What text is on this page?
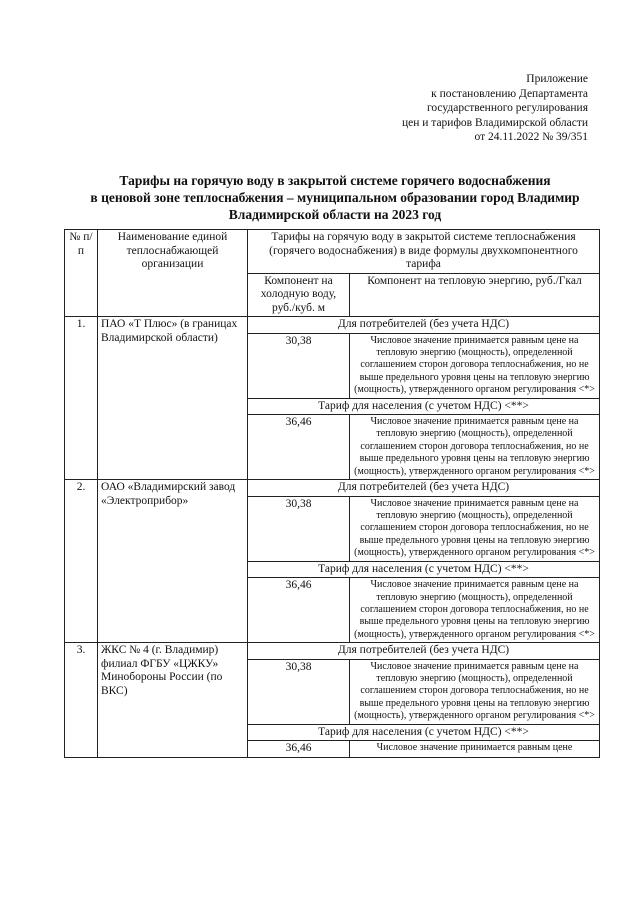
Приложение
к постановлению Департамента
государственного регулирования
цен и тарифов Владимирской области
от 24.11.2022 № 39/351
Тарифы на горячую воду в закрытой системе горячего водоснабжения
в ценовой зоне теплоснабжения – муниципальном образовании город Владимир
Владимирской области на 2023 год
№ п/п	Наименование единой теплоснабжающей организации	Тарифы на горячую воду в закрытой системе теплоснабжения (горячего водоснабжения) в виде формулы двухкомпонентного тарифа	
		Компонент на холодную воду, руб./куб. м	Компонент на тепловую энергию, руб./Гкал
1.	ПАО «Т Плюс» (в границах Владимирской области)	Для потребителей (без учета НДС)	
		30,38	Числовое значение принимается равным цене на тепловую энергию (мощность), определенной соглашением сторон договора теплоснабжения, но не выше предельного уровня цены на тепловую энергию (мощность), утвержденного органом регулирования <*>
		Тариф для населения (с учетом НДС) <**>	
		36,46	Числовое значение принимается равным цене на тепловую энергию (мощность), определенной соглашением сторон договора теплоснабжения, но не выше предельного уровня цены на тепловую энергию (мощность), утвержденного органом регулирования <*>
2.	ОАО «Владимирский завод «Электроприбор»	Для потребителей (без учета НДС)	
		30,38	Числовое значение принимается равным цене на тепловую энергию (мощность), определенной соглашением сторон договора теплоснабжения, но не выше предельного уровня цены на тепловую энергию (мощность), утвержденного органом регулирования <*>
		Тариф для населения (с учетом НДС) <**>	
		36,46	Числовое значение принимается равным цене на тепловую энергию (мощность), определенной соглашением сторон договора теплоснабжения, но не выше предельного уровня цены на тепловую энергию (мощность), утвержденного органом регулирования <*>
3.	ЖКС № 4 (г. Владимир) филиал ФГБУ «ЦЖКУ» Минобороны России (по ВКС)	Для потребителей (без учета НДС)	
		30,38	Числовое значение принимается равным цене на тепловую энергию (мощность), определенной соглашением сторон договора теплоснабжения, но не выше предельного уровня цены на тепловую энергию (мощность), утвержденного органом регулирования <*>
		Тариф для населения (с учетом НДС) <**>	
		36,46	Числовое значение принимается равным цене
